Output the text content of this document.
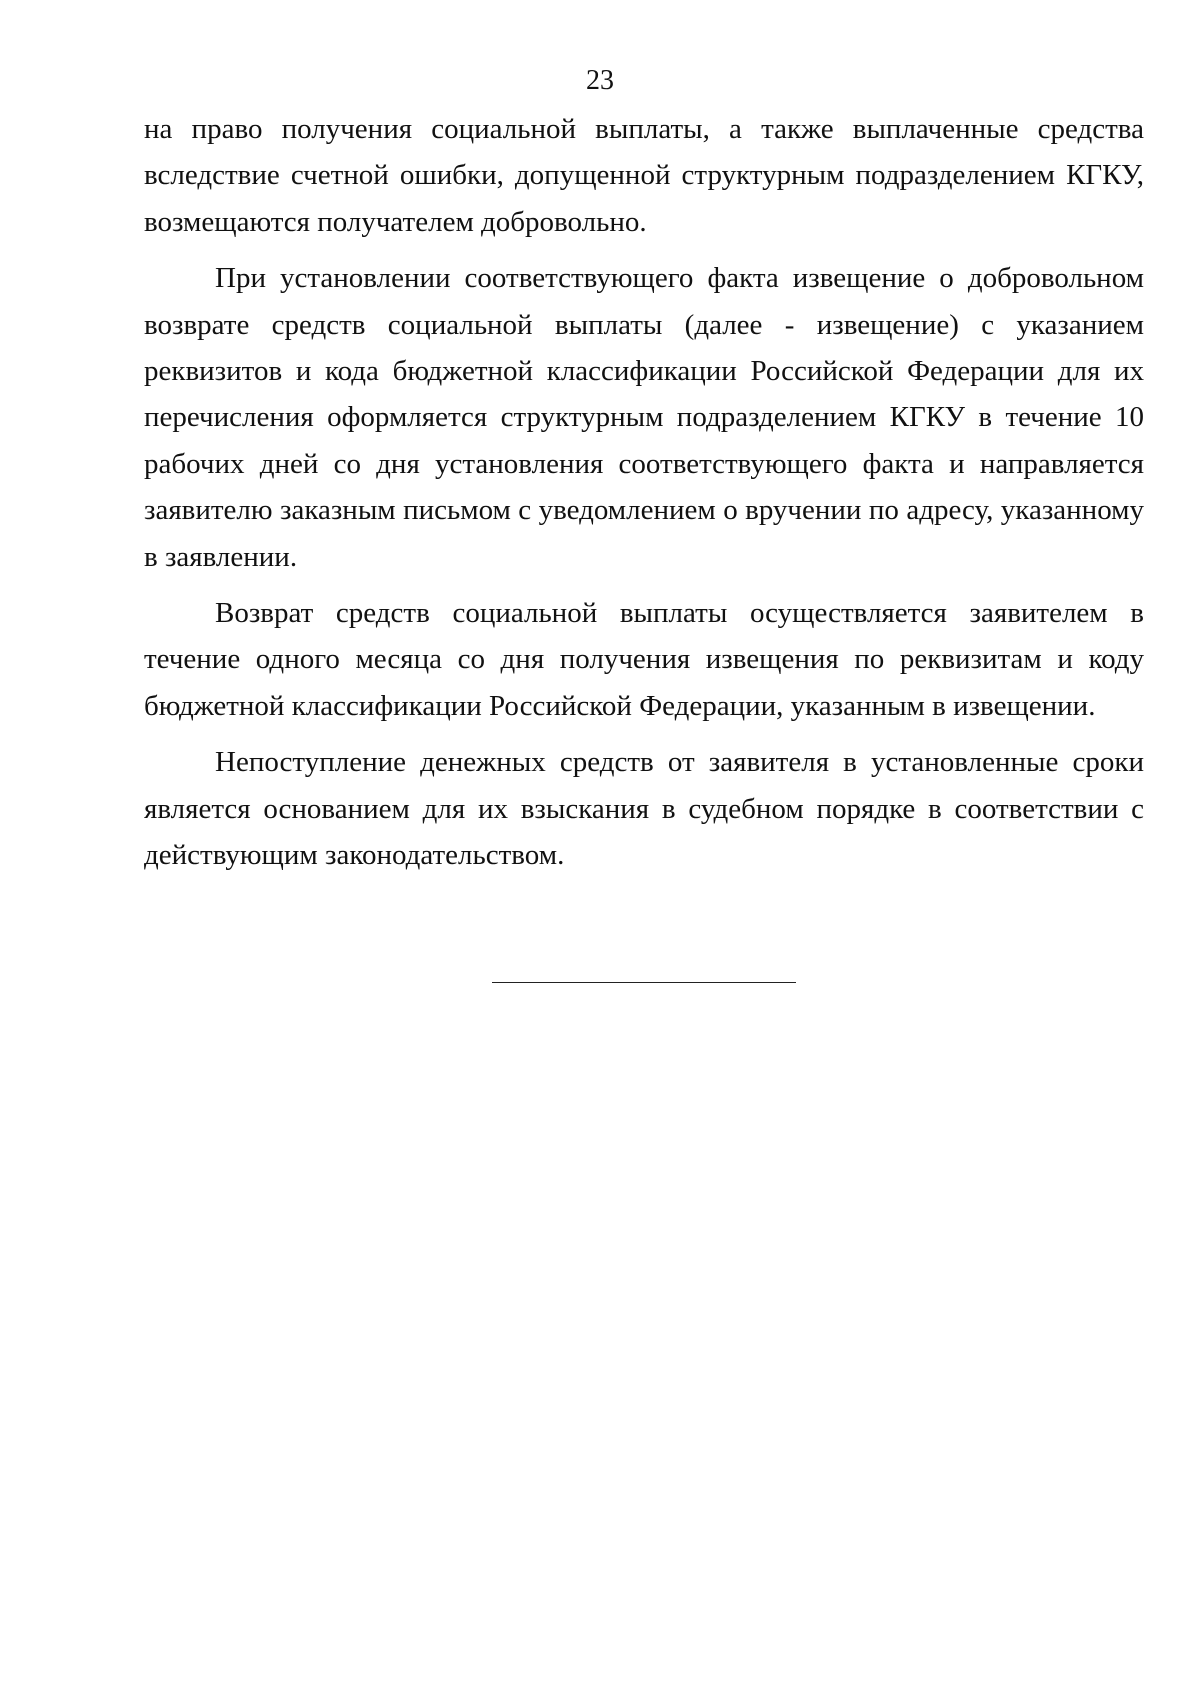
23

на право получения социальной выплаты, а также выплаченные средства вследствие счетной ошибки, допущенной структурным подразделением КГКУ, возмещаются получателем добровольно.

При установлении соответствующего факта извещение о добровольном возврате средств социальной выплаты (далее - извещение) с указанием реквизитов и кода бюджетной классификации Российской Федерации для их перечисления оформляется структурным подразделением КГКУ в течение 10 рабочих дней со дня установления соответствующего факта и направляется заявителю заказным письмом с уведомлением о вручении по адресу, указанному в заявлении.

Возврат средств социальной выплаты осуществляется заявителем в течение одного месяца со дня получения извещения по реквизитам и коду бюджетной классификации Российской Федерации, указанным в извещении.

Непоступление денежных средств от заявителя в установленные сроки является основанием для их взыскания в судебном порядке в соответствии с действующим законодательством.
